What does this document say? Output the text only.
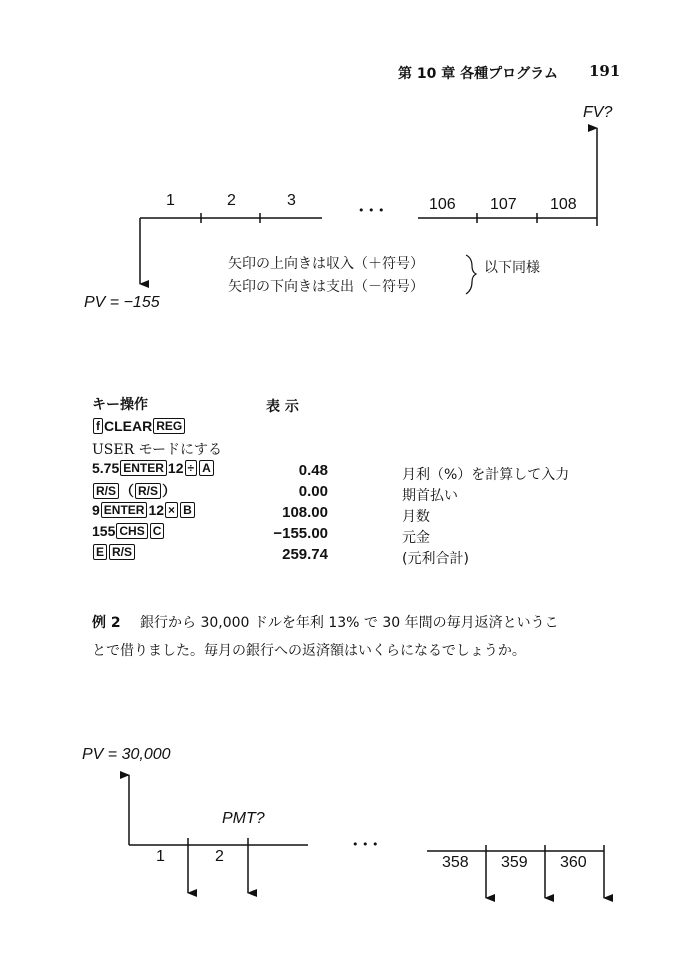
第 10 章 各種プログラム 191
FV?
1	2	3
• • •	106 107 108
矢印の上向きは収入（＋符号）
矢印の下向きは支出（－符号）
以下同様
PV = −155
キー操作	表 示
f CLEAR REG
USER モードにする
5.75 ENTER 12 ÷ A	0.48	月利（%）を計算して入力
R/S （ R/S ）	0.00	期首払い
9 ENTER 12 × B	108.00	月数
155 CHS C	−155.00	元金
E R/S	259.74	(元利合計)
例 2 銀行から 30,000 ドルを年利 13% で 30 年間の毎月返済というこ
とで借りました。毎月の銀行への返済額はいくらになるでしょうか。
PV = 30,000
PMT?
1	2
• • •
358 359 360
